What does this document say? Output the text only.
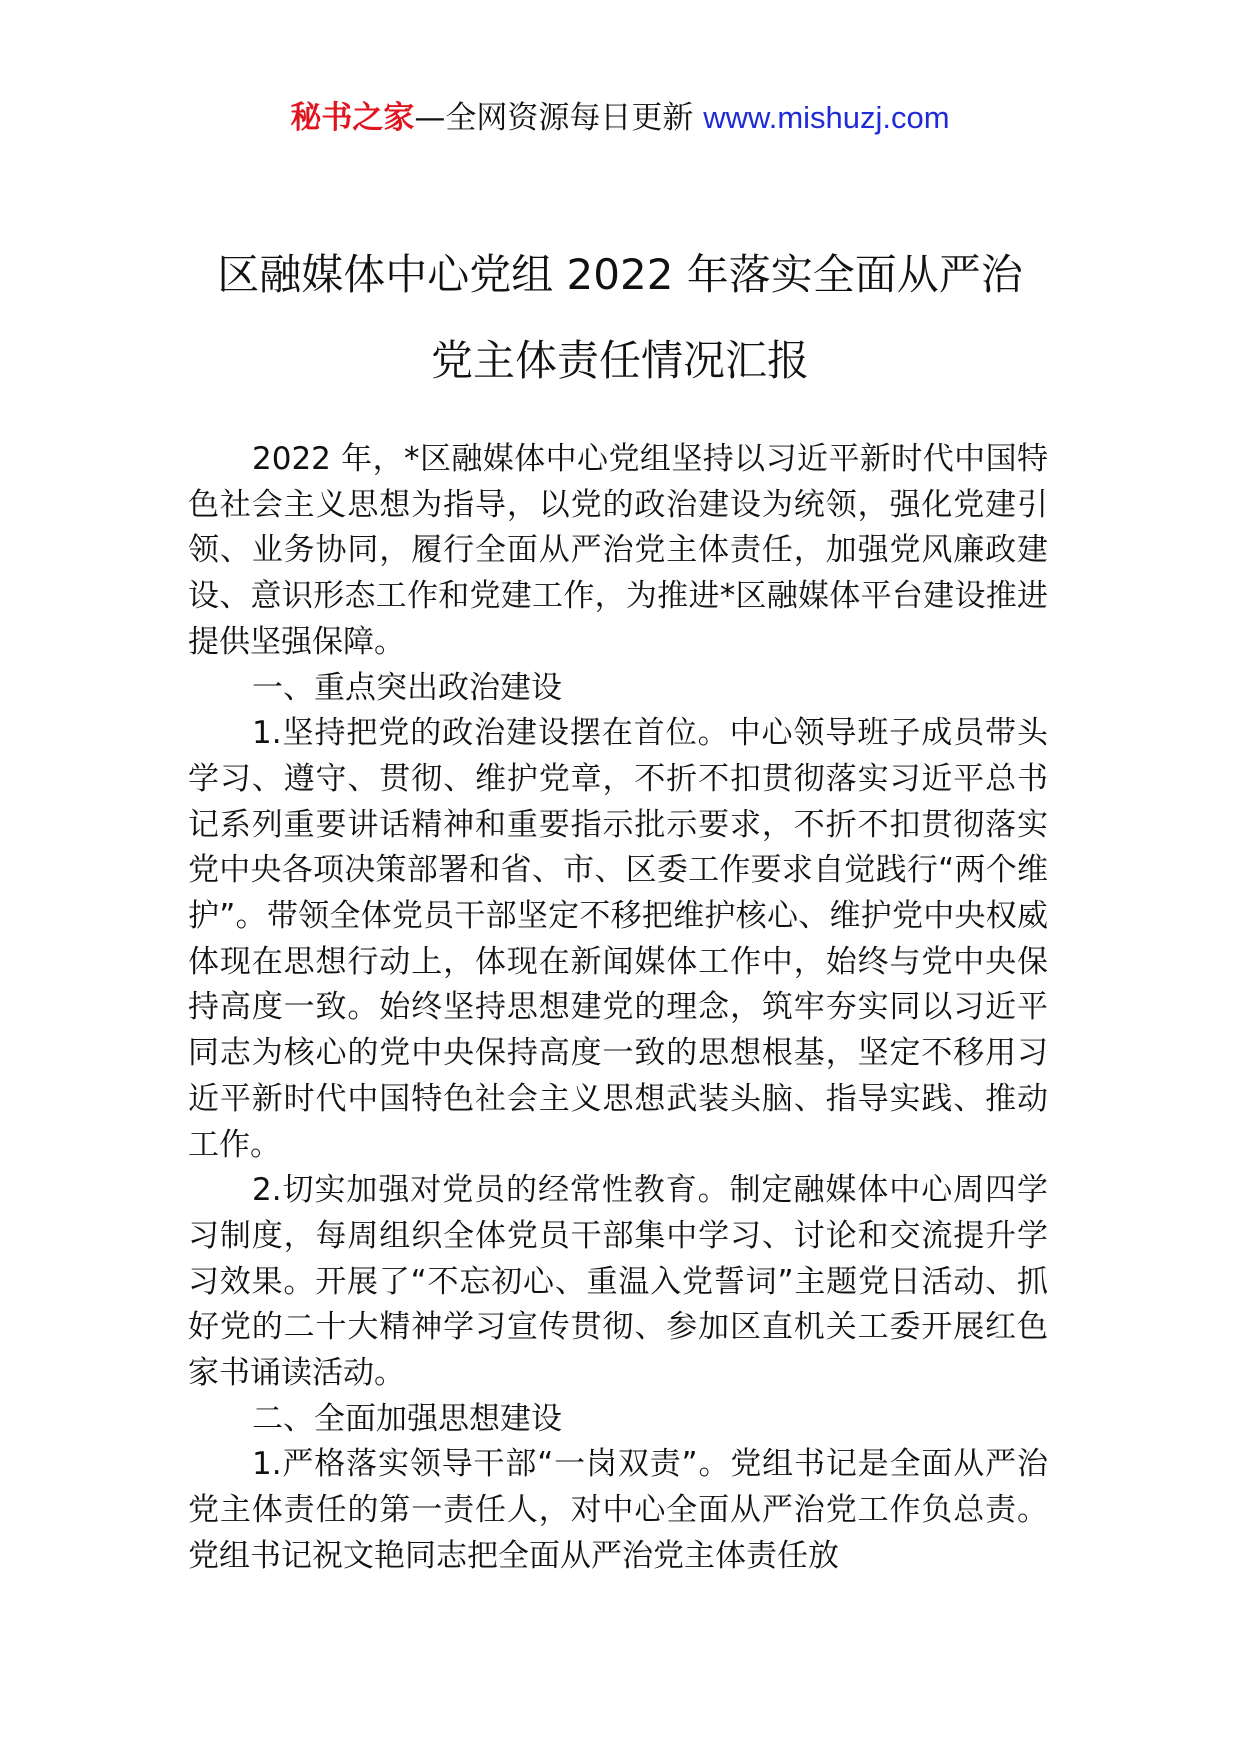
秘书之家—全网资源每日更新 www.mishuzj.com
区融媒体中心党组 2022 年落实全面从严治
党主体责任情况汇报

2022 年，*区融媒体中心党组坚持以习近平新时代中国特色社会主义思想为指导，以党的政治建设为统领，强化党建引领、业务协同，履行全面从严治党主体责任，加强党风廉政建设、意识形态工作和党建工作，为推进*区融媒体平台建设推进提供坚强保障。

一、重点突出政治建设

1.坚持把党的政治建设摆在首位。中心领导班子成员带头学习、遵守、贯彻、维护党章，不折不扣贯彻落实习近平总书记系列重要讲话精神和重要指示批示要求，不折不扣贯彻落实党中央各项决策部署和省、市、区委工作要求自觉践行“两个维护”。带领全体党员干部坚定不移把维护核心、维护党中央权威体现在思想行动上，体现在新闻媒体工作中，始终与党中央保持高度一致。始终坚持思想建党的理念，筑牢夯实同以习近平同志为核心的党中央保持高度一致的思想根基，坚定不移用习近平新时代中国特色社会主义思想武装头脑、指导实践、推动工作。

2.切实加强对党员的经常性教育。制定融媒体中心周四学习制度，每周组织全体党员干部集中学习、讨论和交流提升学习效果。开展了“不忘初心、重温入党誓词”主题党日活动、抓好党的二十大精神学习宣传贯彻、参加区直机关工委开展红色家书诵读活动。

二、全面加强思想建设

1.严格落实领导干部“一岗双责”。党组书记是全面从严治党主体责任的第一责任人，对中心全面从严治党工作负总责。党组书记祝文艳同志把全面从严治党主体责任放
